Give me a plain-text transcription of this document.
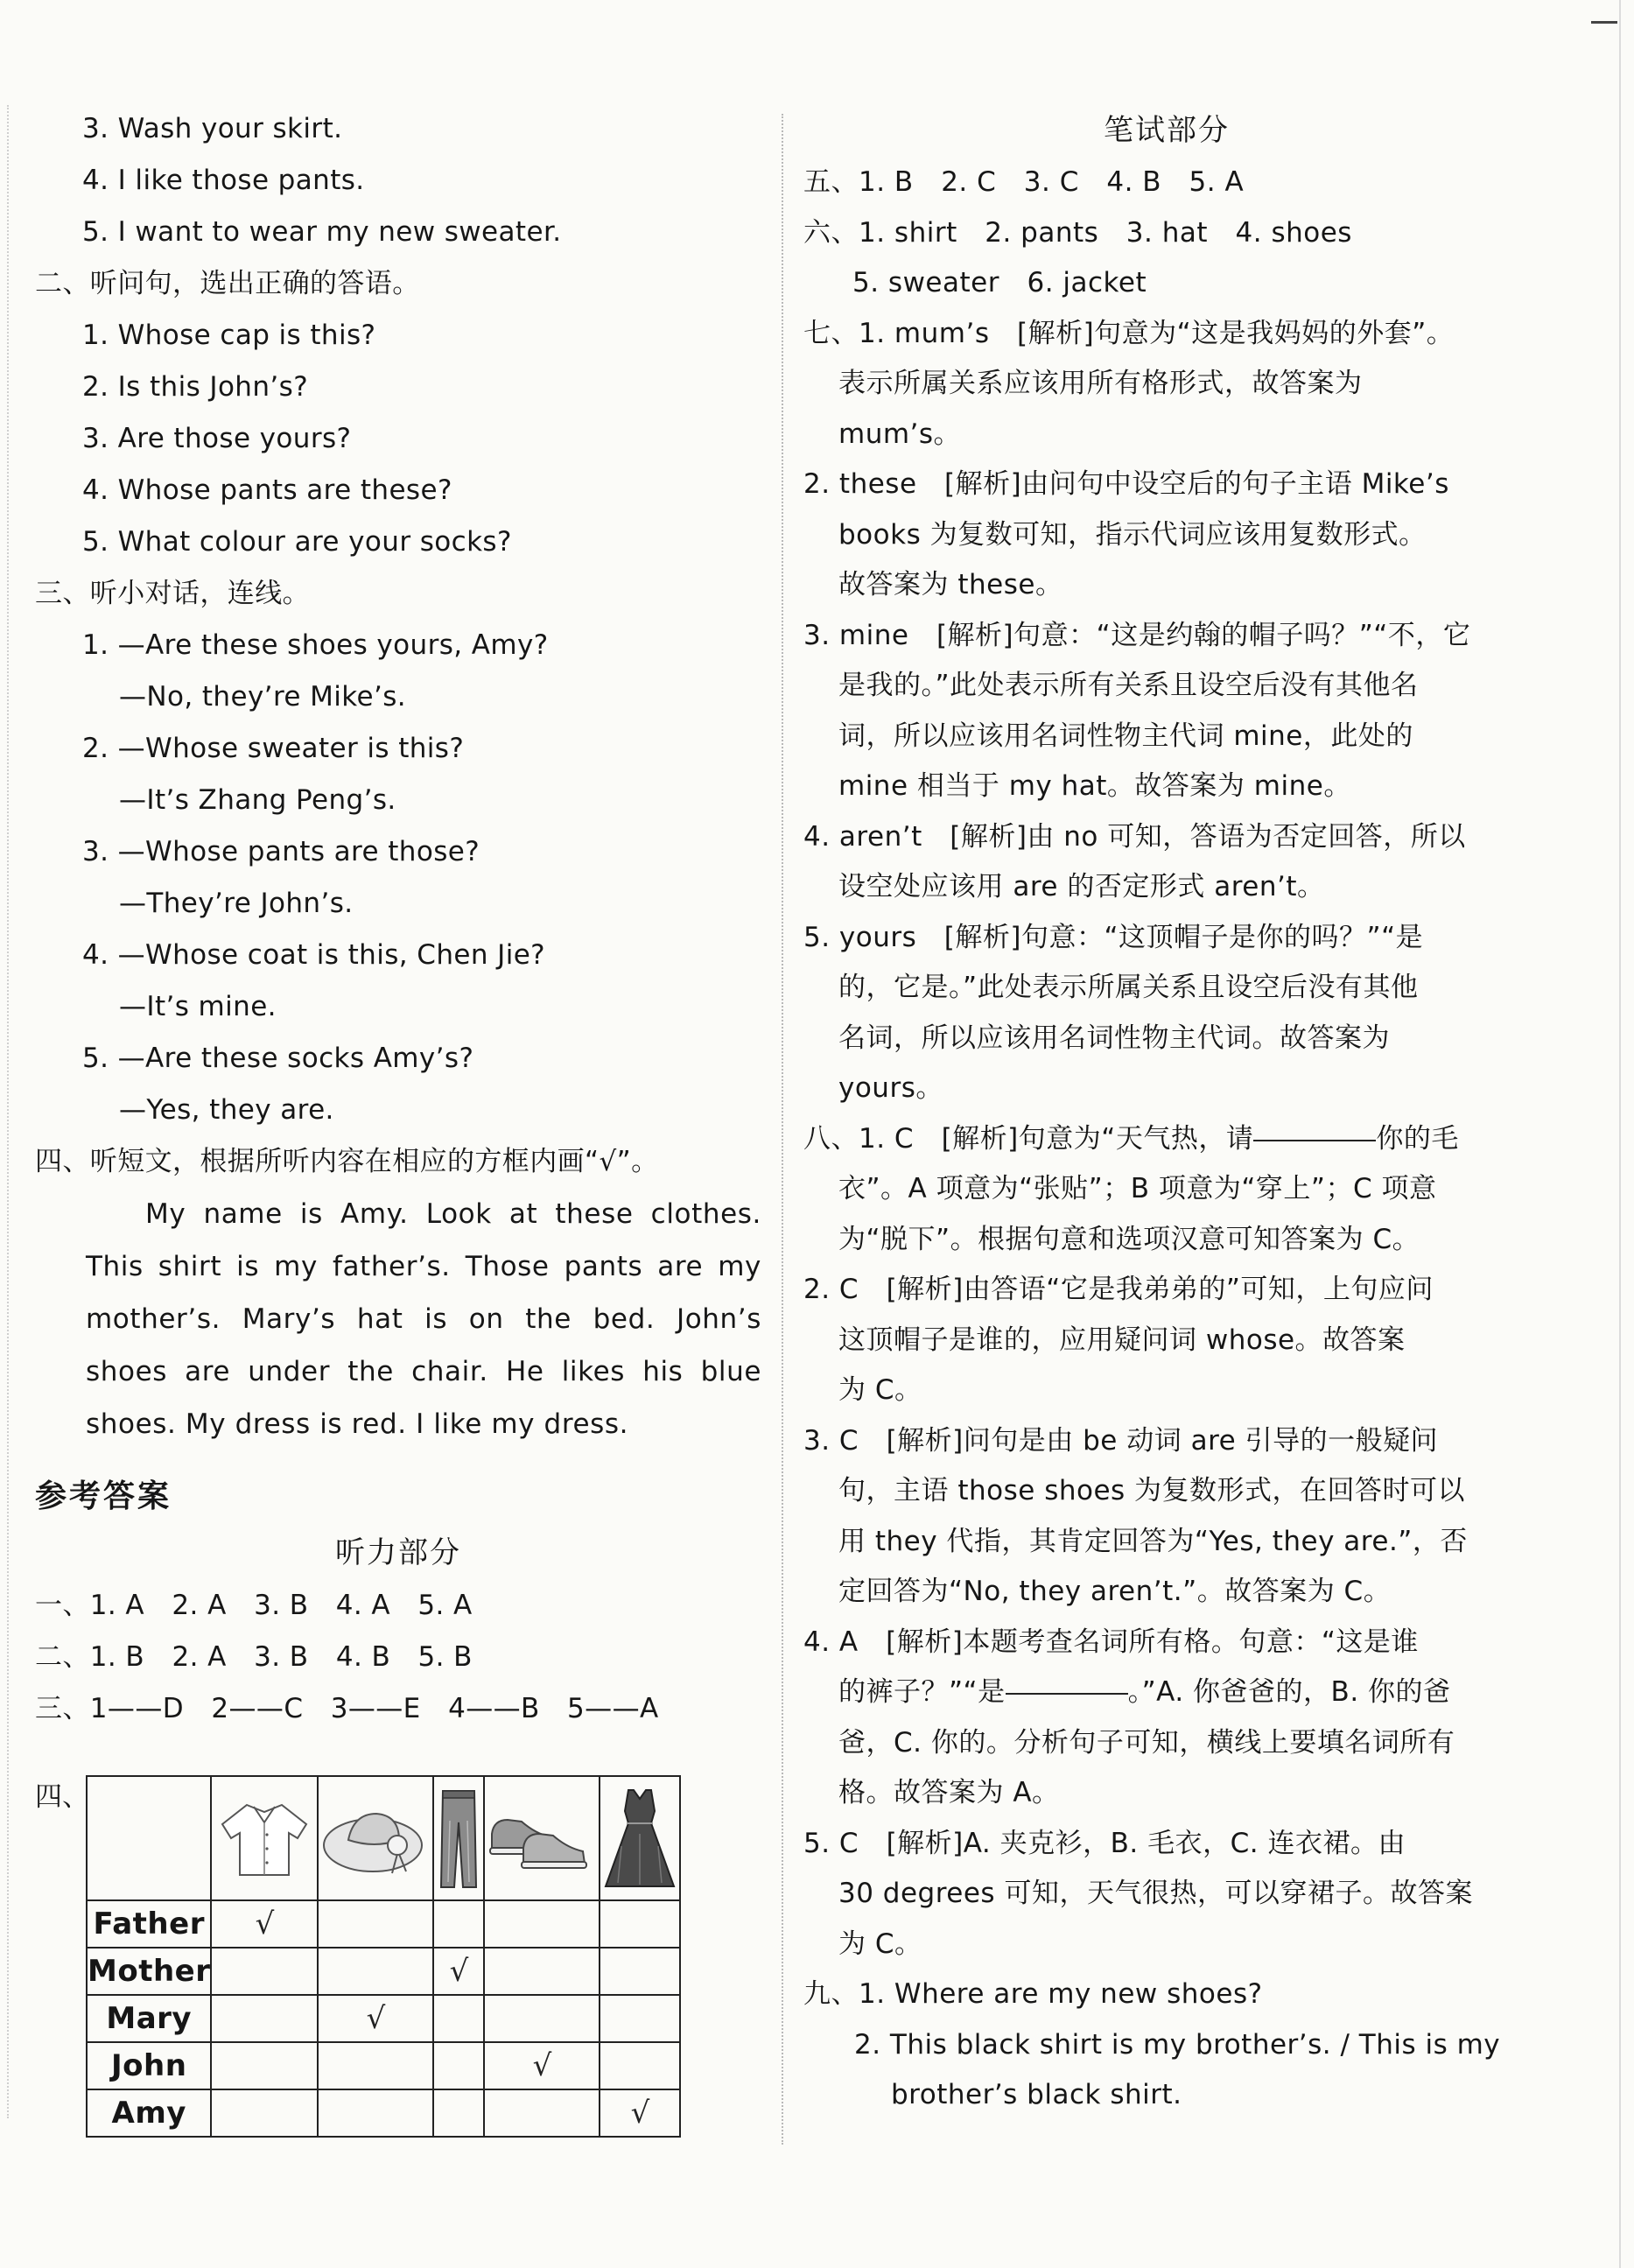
3. Wash your skirt.
4. I like those pants.
5. I want to wear my new sweater.
二、听问句，选出正确的答语。
1. Whose cap is this?
2. Is this John’s?
3. Are those yours?
4. Whose pants are these?
5. What colour are your socks?
三、听小对话，连线。
1. —Are these shoes yours, Amy?
—No, they’re Mike’s.
2. —Whose sweater is this?
—It’s Zhang Peng’s.
3. —Whose pants are those?
—They’re John’s.
4. —Whose coat is this, Chen Jie?
—It’s mine.
5. —Are these socks Amy’s?
—Yes, they are.
四、听短文，根据所听内容在相应的方框内画“√”。

My name is Amy. Look at these clothes. This shirt is my father’s. Those pants are my mother’s. Mary’s hat is on the bed. John’s shoes are under the chair. He likes his blue shoes. My dress is red. I like my dress.

参考答案
听力部分
一、1. A　2. A　3. B　4. A　5. A
二、1. B　2. A　3. B　4. B　5. B
三、1——D　2——C　3——E　4——B　5——A
四、

Father	√				
Mother			√		
Mary		√			
John				√	
Amy					√
笔试部分
五、1. B　2. C　3. C　4. B　5. A
六、1. shirt　2. pants　3. hat　4. shoes
5. sweater　6. jacket
七、1. mum’s　[解析]句意为“这是我妈妈的外套”。
表示所属关系应该用所有格形式，故答案为
mum’s。
2. these　[解析]由问句中设空后的句子主语 Mike’s
books 为复数可知，指示代词应该用复数形式。
故答案为 these。
3. mine　[解析]句意：“这是约翰的帽子吗？”“不，它
是我的。”此处表示所有关系且设空后没有其他名
词，所以应该用名词性物主代词 mine，此处的
mine 相当于 my hat。故答案为 mine。
4. aren’t　[解析]由 no 可知，答语为否定回答，所以
设空处应该用 are 的否定形式 aren’t。
5. yours　[解析]句意：“这顶帽子是你的吗？”“是
的，它是。”此处表示所属关系且设空后没有其他
名词，所以应该用名词性物主代词。故答案为
yours。
八、1. C　[解析]句意为“天气热，请	你的毛
衣”。A 项意为“张贴”；B 项意为“穿上”；C 项意
为“脱下”。根据句意和选项汉意可知答案为 C。
2. C　[解析]由答语“它是我弟弟的”可知，上句应问
这顶帽子是谁的，应用疑问词 whose。故答案
为 C。
3. C　[解析]问句是由 be 动词 are 引导的一般疑问
句，主语 those shoes 为复数形式，在回答时可以
用 they 代指，其肯定回答为“Yes, they are.”，否
定回答为“No, they aren’t.”。故答案为 C。
4. A　[解析]本题考查名词所有格。句意：“这是谁
的裤子？”“是	。”A. 你爸爸的，B. 你的爸
爸，C. 你的。分析句子可知，横线上要填名词所有
格。故答案为 A。
5. C　[解析]A. 夹克衫，B. 毛衣，C. 连衣裙。由
30 degrees 可知，天气很热，可以穿裙子。故答案
为 C。
九、1. Where are my new shoes?
2. This black shirt is my brother’s. / This is my
brother’s black shirt.
